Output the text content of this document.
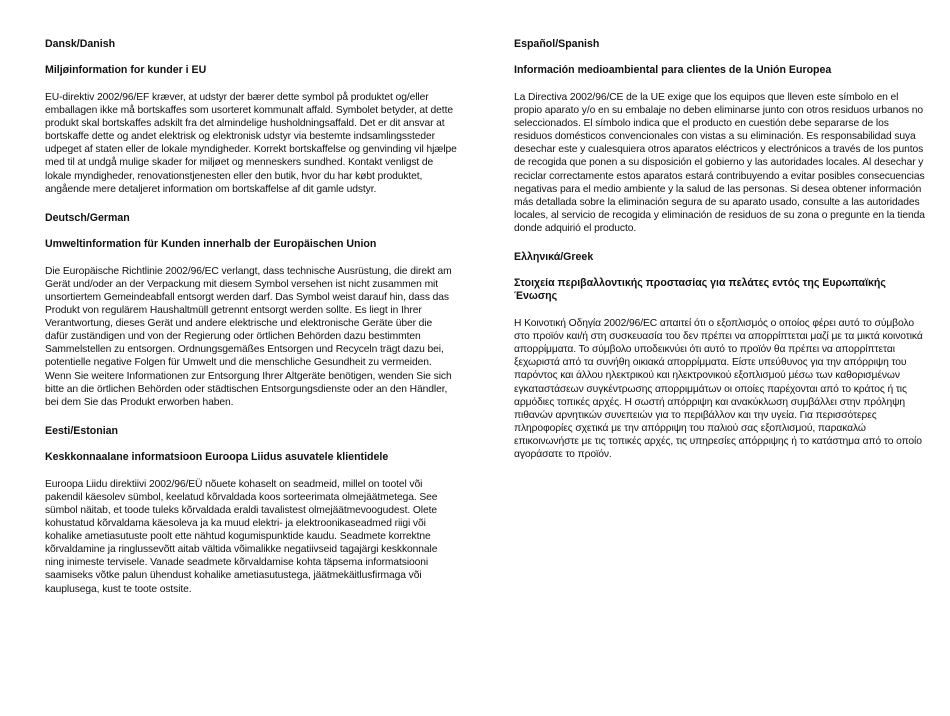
Dansk/Danish

Miljøinformation for kunder i EU

EU-direktiv 2002/96/EF kræver, at udstyr der bærer dette symbol på produktet og/eller emballagen ikke må bortskaffes som usorteret kommunalt affald. Symbolet betyder, at dette produkt skal bortskaffes adskilt fra det almindelige husholdningsaffald. Det er dit ansvar at bortskaffe dette og andet elektrisk og elektronisk udstyr via bestemte indsamlingssteder udpeget af staten eller de lokale myndigheder. Korrekt bortskaffelse og genvinding vil hjælpe med til at undgå mulige skader for miljøet og menneskers sundhed. Kontakt venligst de lokale myndigheder, renovationstjenesten eller den butik, hvor du har købt produktet, angående mere detaljeret information om bortskaffelse af dit gamle udstyr.

Deutsch/German

Umweltinformation für Kunden innerhalb der Europäischen Union

Die Europäische Richtlinie 2002/96/EC verlangt, dass technische Ausrüstung, die direkt am Gerät und/oder an der Verpackung mit diesem Symbol versehen ist nicht zusammen mit unsortiertem Gemeindeabfall entsorgt werden darf. Das Symbol weist darauf hin, dass das Produkt von regulärem Haushaltmüll getrennt entsorgt werden sollte. Es liegt in Ihrer Verantwortung, dieses Gerät und andere elektrische und elektronische Geräte über die dafür zuständigen und von der Regierung oder örtlichen Behörden dazu bestimmten Sammelstellen zu entsorgen. Ordnungsgemäßes Entsorgen und Recyceln trägt dazu bei, potentielle negative Folgen für Umwelt und die menschliche Gesundheit zu vermeiden. Wenn Sie weitere Informationen zur Entsorgung Ihrer Altgeräte benötigen, wenden Sie sich bitte an die örtlichen Behörden oder städtischen Entsorgungsdienste oder an den Händler, bei dem Sie das Produkt erworben haben.

Eesti/Estonian

Keskkonnaalane informatsioon Euroopa Liidus asuvatele klientidele

Euroopa Liidu direktiivi 2002/96/EÜ nõuete kohaselt on seadmeid, millel on tootel või pakendil käesolev sümbol, keelatud kõrvaldada koos sorteerimata olmejäätmetega. See sümbol näitab, et toode tuleks kõrvaldada eraldi tavalistest olmejäätmevoogudest. Olete kohustatud kõrvaldama käesoleva ja ka muud elektri- ja elektroonikaseadmed riigi või kohalike ametiasutuste poolt ette nähtud kogumispunktide kaudu. Seadmete korrektne kõrvaldamine ja ringlussevõtt aitab vältida võimalikke negatiivseid tagajärgi keskkonnale ning inimeste tervisele. Vanade seadmete kõrvaldamise kohta täpsema informatsiooni saamiseks võtke palun ühendust kohalike ametiasutustega, jäätmekäitlusfirmaga või kauplusega, kust te toote ostsite.

Español/Spanish

Información medioambiental para clientes de la Unión Europea

La Directiva 2002/96/CE de la UE exige que los equipos que lleven este símbolo en el propio aparato y/o en su embalaje no deben eliminarse junto con otros residuos urbanos no seleccionados. El símbolo indica que el producto en cuestión debe separarse de los residuos domésticos convencionales con vistas a su eliminación. Es responsabilidad suya desechar este y cualesquiera otros aparatos eléctricos y electrónicos a través de los puntos de recogida que ponen a su disposición el gobierno y las autoridades locales. Al desechar y reciclar correctamente estos aparatos estará contribuyendo a evitar posibles consecuencias negativas para el medio ambiente y la salud de las personas. Si desea obtener información más detallada sobre la eliminación segura de su aparato usado, consulte a las autoridades locales, al servicio de recogida y eliminación de residuos de su zona o pregunte en la tienda donde adquirió el producto.

Ελληνικά/Greek

Στοιχεία περιβαλλοντικής προστασίας για πελάτες εντός της Ευρωπαϊκής Ένωσης

Η Κοινοτική Οδηγία 2002/96/ΕC απαιτεί ότι ο εξοπλισμός ο οποίος φέρει αυτό το σύμβολο στο προϊόν και/ή στη συσκευασία του δεν πρέπει να απορρίπτεται μαζί με τα μικτά κοινοτικά απορρίμματα. Το σύμβολο υποδεικνύει ότι αυτό το προϊόν θα πρέπει να απορρίπτεται ξεχωριστά από τα συνήθη οικιακά απορρίμματα. Είστε υπεύθυνος για την απόρριψη του παρόντος και άλλου ηλεκτρικού και ηλεκτρονικού εξοπλισμού μέσω των καθορισμένων εγκαταστάσεων συγκέντρωσης απορριμμάτων οι οποίες παρέχονται από το κράτος ή τις αρμόδιες τοπικές αρχές. Η σωστή απόρριψη και ανακύκλωση συμβάλλει στην πρόληψη πιθανών αρνητικών συνεπειών για το περιβάλλον και την υγεία. Για περισσότερες πληροφορίες σχετικά με την απόρριψη του παλιού σας εξοπλισμού, παρακαλώ επικοινωνήστε με τις τοπικές αρχές, τις υπηρεσίες απόρριψης ή το κατάστημα από το οποίο αγοράσατε το προϊόν.
